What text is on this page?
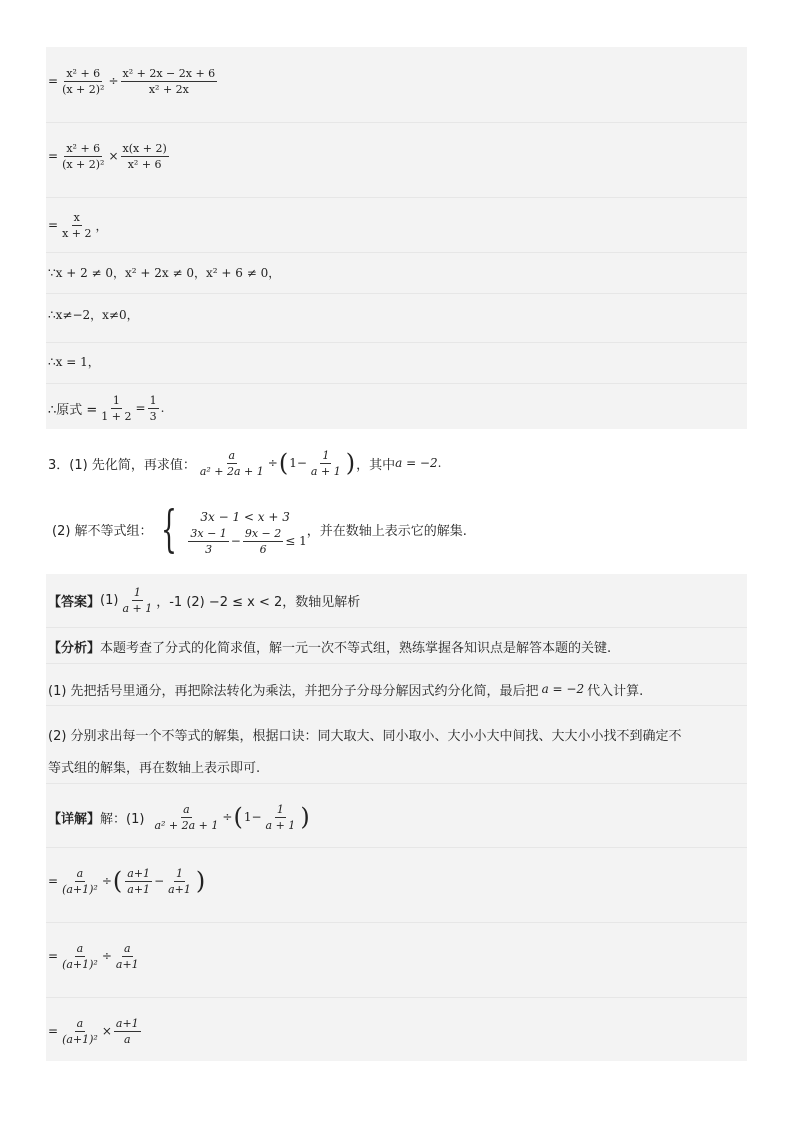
= $\frac{\text{x² + 6}}{\text{(x + 2)²}} \div \frac{\text{x² + 2x − 2x + 6}}{\text{x² + 2x}}$
= $\frac{\text{x² + 6}}{\text{(x + 2)²}} \times \frac{x(x + 2)}{\text{x² + 6}}$
= $\frac{x}{x + 2}$ ，
∵x + 2 ≠ 0，x² + 2x ≠ 0，x² + 6 ≠ 0，
∴x≠−2，x≠0，
∴x = 1，
∴原式 = $\frac{1}{1 + 2} = \frac{1}{3}$ .
3．(1) 先化简，再求值： $\frac{a}{\text{a² + 2a + 1}}$ ÷ ( $1- \frac{1}{a + 1}$ ) ，其中 a = −2 .
(2) 解不等式组： { 3x − 1 < x + 3
$\frac{3x - 1}{3} - \frac{9x - 2}{6} \le 1$
，并在数轴上表示它的解集.
【答案】 $(1) \frac{1}{a + 1}$ ，-1 (2) −2 ≤ x < 2，数轴见解析
【分析】 本题考查了分式的化简求值，解一元一次不等式组，熟练掌握各知识点是解答本题的关键.
(1) 先把括号里通分，再把除法转化为乘法，并把分子分母分解因式约分化简，最后把 a = −2 代入计算.
(2) 分别求出每一个不等式的解集，根据口诀：同大取大、同小取小、大小小大中间找、大大小小找不到确定不
等式组的解集，再在数轴上表示即可.
【详解】 解：$(1) \frac{a}{\text{a² + 2a + 1}}$ ÷ ( $1- \frac{1}{a + 1}$ )
= $\frac{a}{\text{(a+1)²}}$ ÷ ( $\frac{a+1}{a+1} - \frac{1}{a+1}$ )
= $\frac{a}{\text{(a+1)²}} \div \frac{a}{a+1}$
= $\frac{a}{\text{(a+1)²}} \times \frac{a+1}{a}$
